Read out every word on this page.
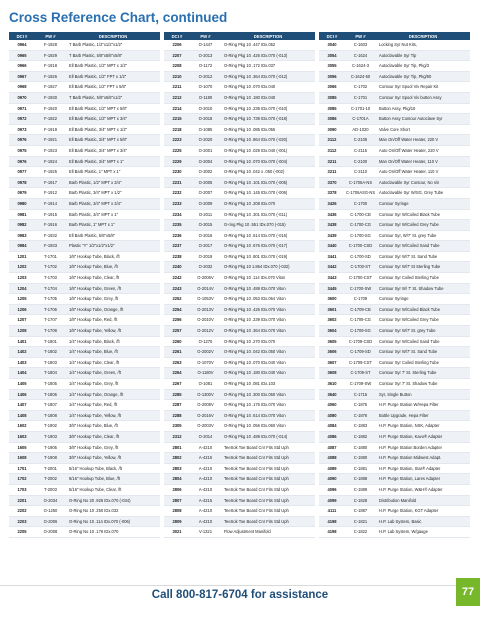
Cross Reference Chart, continued
DCI #	PW #	DESCRIPTION
0964	F-1928	T Barb Plastic, 1/2"x1/2"x1/2"
0965	F-1929	T Barb Plastic, 5/8"x5/8"x5/8"
0966	F-1918	Ell Barb Plastic, 1/2" MPT x 1/2"
0967	F-1926	Ell Barb Plastic, 1/2" FPT x 1/2"
0968	F-1927	Ell Barb Plastic, 1/2" FPT x 5/8"
0970	F-1930	T Barb Plastic, 5/8"x5/8"x1/2"
0971	F-1920	Ell Barb Plastic, 1/2" MPT x 5/8"
0972	F-1922	Ell Barb Plastic, 1/2" MPT x 3/4"
0973	F-1919	Ell Barb Plastic, 3/4" MPT x 1/2"
0976	F-1921	Ell Barb Plastic, 3/4" MPT x 5/8"
0975	F-1923	Ell Barb Plastic, 3/4" MPT x 3/4"
0976	F-1924	Ell Barb Plastic, 3/4" MPT x 1"
0977	F-1925	Ell Barb Plastic, 1" MPT x 1"
0978	F-1917	Barb Plastic, 1/2" MPT x 3/4"
0979	F-1912	Barb Plastic, 3/4" MPT x 1/2"
0980	F-1914	Barb Plastic, 3/4" MPT x 3/4"
0981	F-1915	Barb Plastic, 3/4" MPT x 1"
0982	F-1916	Barb Plastic, 1" MPT x 1"
0983	F-1932	Ell Barb Plastic, 5/8"x5/8"
0984	F-1933	Plastic "Y" 1/2"x1/2"x1/2"
1201	T-1701	1/8" Hookup Tube, Black, /ft
1202	T-1702	1/8" Hookup Tube, Blue, /ft
1203	T-1703	1/8" Hookup Tube, Clear, /ft
1204	T-1704	1/8" Hookup Tube, Green, /ft
1205	T-1705	1/8" Hookup Tube, Grey, /ft
1206	T-1706	1/8" Hookup Tube, Orange, /ft
1207	T-1707	1/8" Hookup Tube, Red, /ft
1208	T-1708	1/8" Hookup Tube, Yellow, /ft
1401	T-1801	1/4" Hookup Tube, Black, /ft
1402	T-1802	1/4" Hookup Tube, Blue, /ft
1403	T-1803	1/4" Hookup Tube, Clear, /ft
1404	T-1804	1/4" Hookup Tube, Green, /ft
1405	T-1805	1/4" Hookup Tube, Grey, /ft
1406	T-1806	1/4" Hookup Tube, Orange, /ft
1407	T-1807	1/4" Hookup Tube, Red, /ft
1408	T-1808	1/4" Hookup Tube, Yellow, /ft
1602	T-1902	3/8" Hookup Tube, Blue, /ft
1603	T-1903	3/8" Hookup Tube, Clear, /ft
1605	T-1905	3/8" Hookup Tube, Grey, /ft
1608	T-1908	3/8" Hookup Tube, Yellow, /ft
1701	T-2001	5/16" Hookup Tube, Black, /ft
1702	T-2002	5/16" Hookup Tube, Blue, /ft
1703	T-2003	5/16" Hookup Tube, Clear, /ft
2201	O-2034	O-Ring No 20 .926 IDx.070 (-034)
2202	O-1250	O-Ring No 10 .250 IDx.032
2203	O-2006	O-Ring No 10 .114 IDx.070 (-006)
2205	O-2008	O-Ring No 10 .176 IDx.070
DCI #	PW #	DESCRIPTION
2206	O-1447	O-Ring Pkg 10 .447 IDx.052
2207	O-2013	O-Ring Pkg 10 .426 IDx.070 (-013)
2208	O-1172	O-Ring Pkg 10 .172 IDx.037
2210	O-2012	O-Ring Pkg 10 .364 IDx.070 (-012)
2211	O-1070	O-Ring Pkg 10 .070 IDx.040
2212	O-1180	O-Ring Pkg 10 .180 IDx.040
2214	O-2010	O-Ring Pkg 10 .239 IDx.070 (-010)
2215	O-2018	O-Ring Pkg 10 .739 IDx.070 (-018)
2218	O-1085	O-Ring Pkg 10 .085 IDx.055
2223	O-2020	O-Ring Pkg 10 .864 IDx.070 (-020)
2225	O-2001	O-Ring Pkg 10 .029 IDx.040 (-001)
2229	O-2004	O-Ring Pkg 10 .070 IDx.070 (-004)
2230	O-3002	O-Ring Pkg 10 .042 x .050 (-002)
2231	O-2005	O-Ring Pkg 10 .101 IDx.070 (-005)
2232	O-2007	O-Ring Pkg 10 .145 IDx.070 (-006)
2233	O-2009	O-Ring Pkg 10 .208 IDx.070
2234	O-2011	O-Ring Pkg 10 .301 IDx.070 (-011)
2235	O-3015	O-ring Pkg 10 .551 IDx.070 (-015)
2236	O-2016	O-Ring Pkg 10 .614 IDx.070 (-016)
2237	O-2017	O-Ring Pkg 10 .676 IDx.070 (-017)
2238	O-2019	O-Ring Pkg 10 .801 IDx.070 (-019)
2240	O-2032	O-Ring Pkg 10 1.864 IDx.070 (-032)
2242	O-2006V	O-Ring Pkg 10 .114 IDx.070 Viton
2243	O-2014V	O-Ring Pkg 10 .489 IDx.070 Viton
2252	O-1053V	O-Ring Pkg 10 .053 IDx.064 Viton
2254	O-2013V	O-Ring Pkg 10 .426 IDx.070 Viton
2256	O-2010V	O-Ring Pkg 10 .239 IDx.070 Viton
2257	O-2012V	O-Ring Pkg 10 .364 IDx.070 Viton
2260	O-1270	O-Ring Pkg 10 .270 IDx.070
2261	O-2002V	O-Ring Pkg 10 .042 IDx.050 Viton
2263	O-1070V	O-Ring Pkg 10 .070 IDx.040 Viton
2264	O-1180V	O-Ring Pkg 10 .180 IDx.040 Viton
2267	O-1081	O-Ring Pkg 10 .081 IDx.103
2285	O-1300V	O-Ring Pkg 10 .300 IDx.050 Viton
2287	O-2008V	O-Ring Pkg 10 .176 IDx.070 Viton
2288	O-2016V	O-Ring Pkg 10 .614 IDx.070 Viton
2305	O-2003V	O-Ring Pkg 10 .056 IDx.060 Viton
2312	O-2014	O-Ring Pkg 10 .489 IDx.070 (-014)
2801	A-4210	TeeSok Toe Board Cnr Fits Std Uph
2802	A-4215	TeeSok Toe Board Cnr Fits Std Uph
2803	A-4210	TeeSok Toe Board Cnr Fits Std Uph
2804	A-4210	TeeSok Toe Board Cnr Fits Std Uph
2806	A-4210	TeeSok Toe Board Cnr Fits Std Uph
2807	A-4215	TeeSok Toe Board Cnr Fits Std Uph
2808	A-4210	TeeSok Toe Board Cnr Fits Std Uph
2809	A-4210	TeeSok Toe Board Cnr Fits Std Uph
3021	V-1321	Flow Adjustment Manifold
DCI #	PW #	DESCRIPTION
3040	C-1603	Locking Syr Nut Kits,
3054	C-1624	Autoclavable Syr Tip
3055	C-1624-3	Autoclavable Syr Tip, Pkg/3
3056	C-1624-50	Autoclavable Syr Tip, Pkg/50
3066	C-1702	Contour Syr Spool Viv Repair Kit
3085	C-1701	Contour Syr Spool Viv button Assy
3085	C-1701-10	Button Assy, Pkg/10
3086	C-1701A	Button Assy Contour Autoclave Syr
3090	AD-1020	Valve Core Short
3112	C-2105	Man On/Off Water Heater, 220 V
3112	C-2115	Auto On/Off Water Heater, 220 V
3211	C-2100	Man On/Off Water Heater, 110 V
3211	C-2110	Auto On/Off Water Heater, 110 V
3370	C-1706A-NS	Autoclavable Syr Contour, No s/n
3378	C-1706ASG-NS	Autoclavable Syr W/SG, Grey Tube
3426	C-1700	Contour Syringe
3436	C-1700-CB	Contour Syr W/Coiled Black Tube
3438	C-1700-CG	Contour Syr W/Coiled Grey Tube
3439	C-1700-SG	Contour Syr, W/7' St. grey Tube
3440	C-1700-CSD	Contour Syr W/Coiled Sand Tube
3441	C-1700-SD	Contour Syr W/7' St. Sand Tube
3442	C-1700-ST	Contour Syr W/7' St Sterling Tube
3443	C-1700-CST	Contour Syr Coiled Sterling Tube
3445	C-1700-SW	Contour Syr W/ 7' St. Shadow Tube
3600	C-1709	Contour Syringe
3601	C-1709-CB	Contour Syr W/Coiled Black Tube
3602	C-1709-CG	Contour Syr W/Coiled Grey Tube
3604	C-1709-SG	Contour Syr W/7' St. grey Tube
3605	C-1709-CSD	Contour Syr W/Coiled Sand Tube
3606	C-1709-SD	Contour Syr W/7' St. Sand Tube
3607	C-1709-CST	Contour Syr Coiled Sterling Tube
3608	C-1709-ST	Contour Syr 7' St. Sterling Tube
3610	C-1709-SW	Contour Syr 7' St. Shadow Tube
3640	C-1715	Syr, Single Button
4060	C-1875	H.P. Purge Station W/Hepa Filter
4080	C-1876	Bottle Upgrade, Hepa Filter
4084	C-1883	H.P. Purge Station, NSK, Adapter
4086	C-1882	H.P. Purge Station, Kavo® Adapter
4087	C-1880	H.P. Purge Station Borden Adapter
4088	C-1880	H.P. Purge Station Midwest Adapt.
4089	C-1881	H.P. Purge Station, Star® Adapter
4090	C-1888	H.P. Purge Station, Lares Adapter
4096	C-1889	H.P. Purge Station, W&H® Adapter
4099	C-1828	Distribution Manifold
4111	C-1887	H.P. Purge Station, KGT Adapter
4198	C-1821	H.P. Lab System, Basic
4198	C-1822	H.P. Lab System, W/gauge
Call 800-817-6704 for assistance	77
